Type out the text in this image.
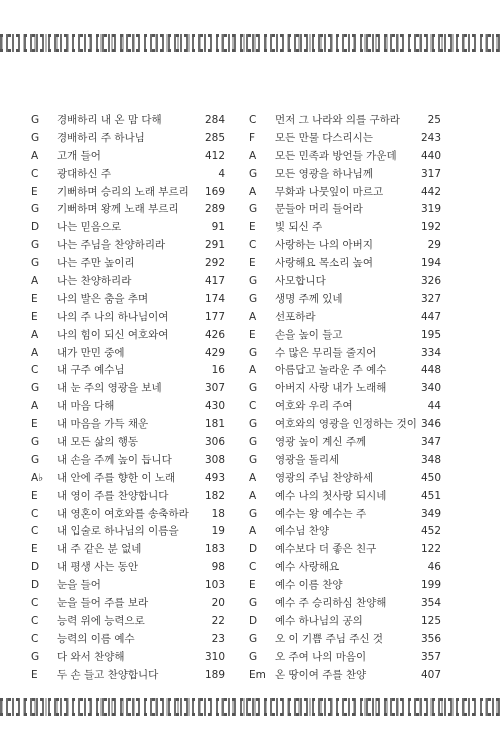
G	경배하리 내 온 맘 다해	284
G	경배하리 주 하나님	285
A	고개 들어	412
C	광대하신 주	4
E	기뻐하며 승리의 노래 부르리 169
G	기뻐하며 왕께 노래 부르리	289
D	나는 믿음으로	91
G	나는 주님을 찬양하리라	291
G	나는 주만 높이리	292
A	나는 찬양하리라	417
E	나의 발은 춤을 추며	174
E	나의 주 나의 하나님이여	177
A	나의 힘이 되신 여호와여	426
A	내가 만민 중에	429
C	내 구주 예수님	16
G	내 눈 주의 영광을 보네	307
A	내 마음 다해	430
E	내 마음을 가득 채운	181
G	내 모든 삶의 행동	306
G	내 손을 주께 높이 듭니다	308
A♭	내 안에 주를 향한 이 노래	493
E	내 영이 주를 찬양합니다	182
C	내 영혼이 여호와를 송축하라 18
C	내 입술로 하나님의 이름을	19
E	내 주 같은 분 없네	183
D	내 평생 사는 동안	98
D	눈을 들어	103
C	눈을 들어 주를 보라	20
C	능력 위에 능력으로	22
C	능력의 이름 예수	23
G	다 와서 찬양해	310
E	두 손 들고 찬양합니다	189
C	먼저 그 나라와 의를 구하라	25
F	모든 만물 다스리시는	243
A	모든 민족과 방언들 가운데 440
G	모든 영광을 하나님께	317
A	무화과 나뭇잎이 마르고	442
G	문들아 머리 들어라	319
E	빛 되신 주	192
C	사랑하는 나의 아버지	29
E	사랑해요 목소리 높여	194
G	사모합니다	326
G	생명 주께 있네	327
A	선포하라	447
E	손을 높이 들고	195
G	수 많은 무리들 줄지어	334
A	아름답고 놀라운 주 예수	448
G	아버지 사랑 내가 노래해	340
C	여호와 우리 주여	44
G	여호와의 영광을 인정하는 것이 346
G	영광 높이 계신 주께	347
G	영광을 돌리세	348
A	영광의 주님 찬양하세	450
A	예수 나의 첫사랑 되시네	451
G	예수는 왕 예수는 주	349
A	예수님 찬양	452
D	예수보다 더 좋은 친구	122
C	예수 사랑해요	46
E	예수 이름 찬양	199
G	예수 주 승리하심 찬양해	354
D	예수 하나님의 공의	125
G	오 이 기쁨 주님 주신 것	356
G	오 주여 나의 마음이	357
Em 온 땅이여 주를 찬양	407
